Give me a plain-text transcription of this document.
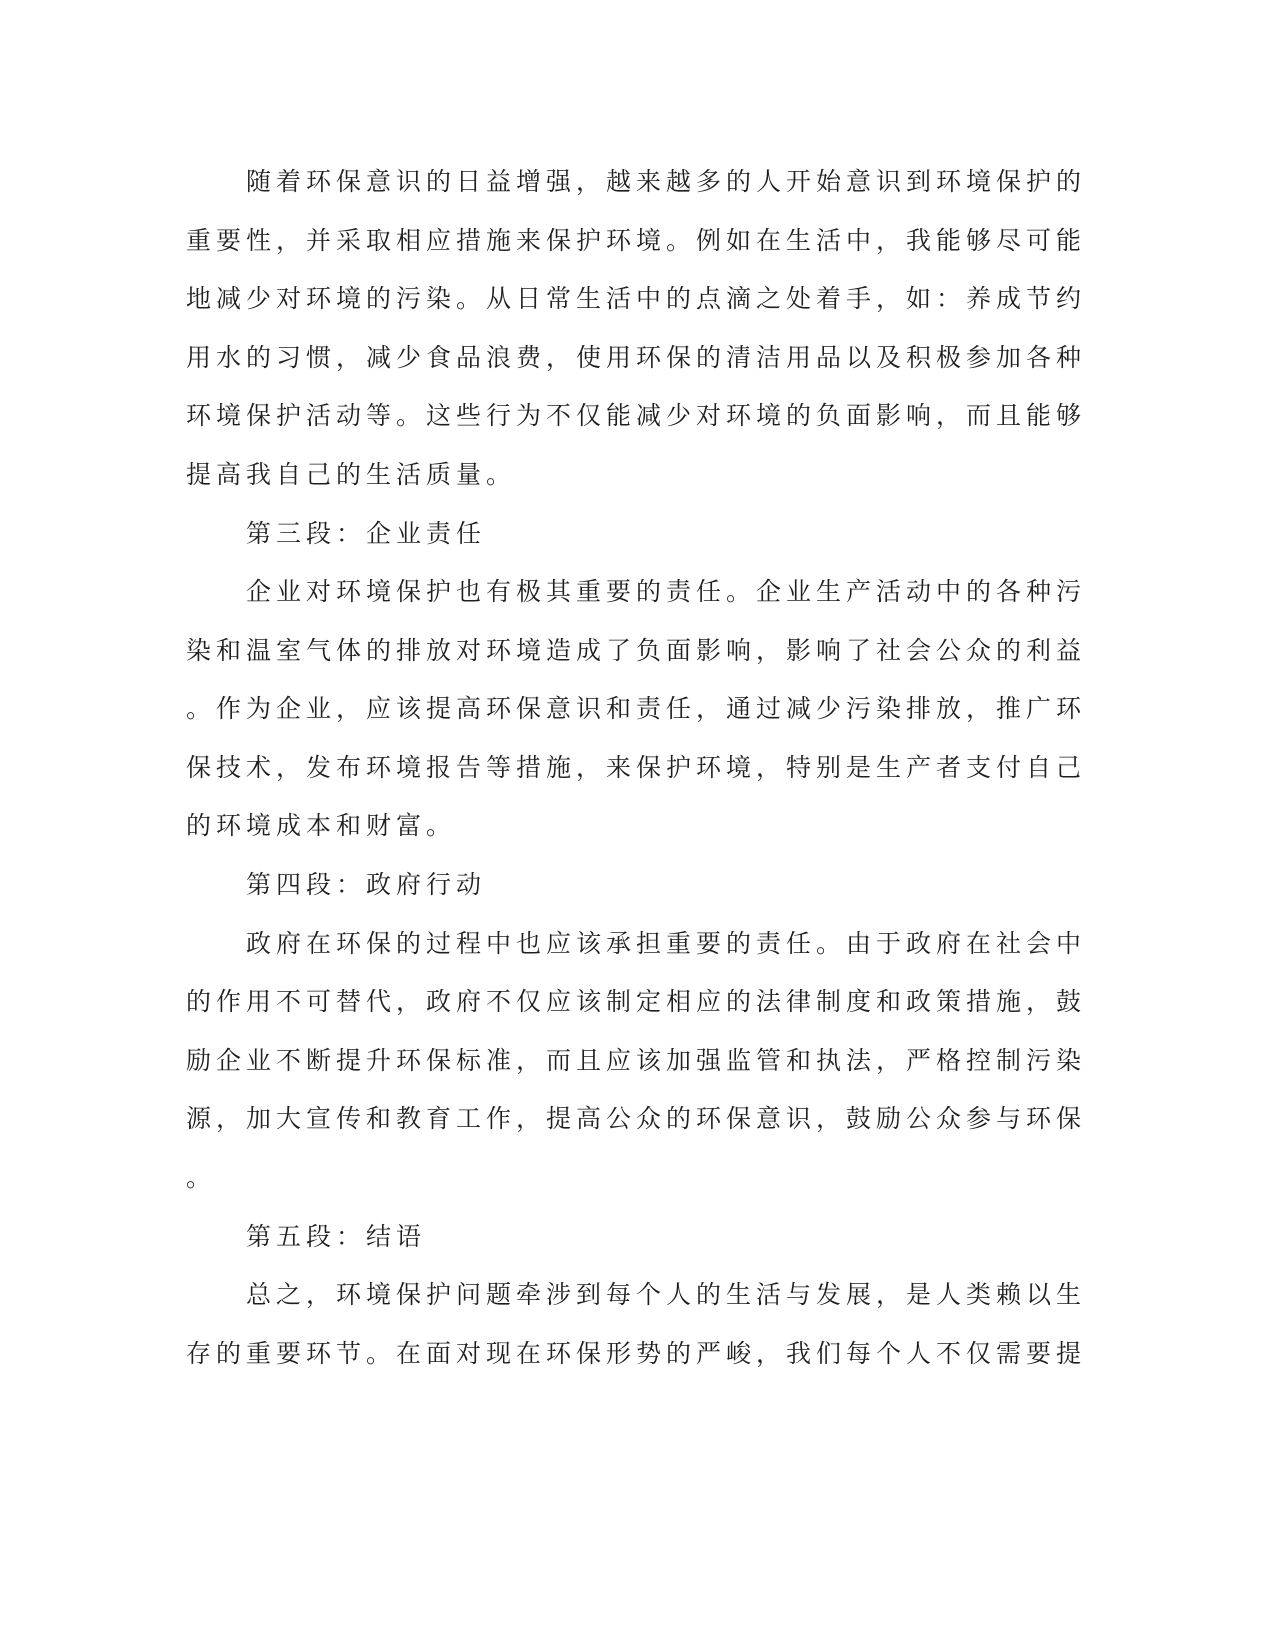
　　随着环保意识的日益增强，越来越多的人开始意识到环境保护的
重要性，并采取相应措施来保护环境。例如在生活中，我能够尽可能
地减少对环境的污染。从日常生活中的点滴之处着手，如：养成节约
用水的习惯，减少食品浪费，使用环保的清洁用品以及积极参加各种
环境保护活动等。这些行为不仅能减少对环境的负面影响，而且能够
提高我自己的生活质量。
　　第三段：企业责任
　　企业对环境保护也有极其重要的责任。企业生产活动中的各种污
染和温室气体的排放对环境造成了负面影响，影响了社会公众的利益
。作为企业，应该提高环保意识和责任，通过减少污染排放，推广环
保技术，发布环境报告等措施，来保护环境，特别是生产者支付自己
的环境成本和财富。
　　第四段：政府行动
　　政府在环保的过程中也应该承担重要的责任。由于政府在社会中
的作用不可替代，政府不仅应该制定相应的法律制度和政策措施，鼓
励企业不断提升环保标准，而且应该加强监管和执法，严格控制污染
源，加大宣传和教育工作，提高公众的环保意识，鼓励公众参与环保
。
　　第五段：结语
　　总之，环境保护问题牵涉到每个人的生活与发展，是人类赖以生
存的重要环节。在面对现在环保形势的严峻，我们每个人不仅需要提
